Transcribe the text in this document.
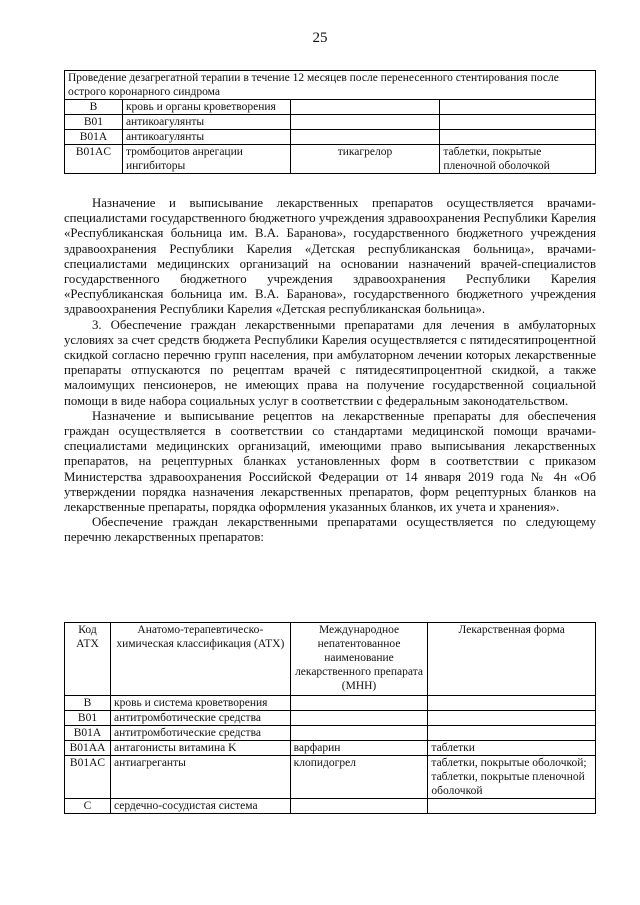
25
Проведение дезагрегатной терапии в течение 12 месяцев после перенесенного стентирования после острого коронарного синдрома			
B	кровь и органы кроветворения		
B01	антикоагулянты		
B01A	антикоагулянты		
B01AC	тромбоцитов анрегации ингибиторы	тикагрелор	таблетки, покрытые пленочной оболочкой

Назначение и выписывание лекарственных препаратов осуществляется врачами-специалистами государственного бюджетного учреждения здравоохранения Республики Карелия «Республиканская больница им. В.А. Баранова», государственного бюджетного учреждения здравоохранения Республики Карелия «Детская республиканская больница», врачами-специалистами медицинских организаций на основании назначений врачей-специалистов государственного бюджетного учреждения здравоохранения Республики Карелия «Республиканская больница им. В.А. Баранова», государственного бюджетного учреждения здравоохранения Республики Карелия «Детская республиканская больница».

3. Обеспечение граждан лекарственными препаратами для лечения в амбулаторных условиях за счет средств бюджета Республики Карелия осуществляется с пятидесятипроцентной скидкой согласно перечню групп населения, при амбулаторном лечении которых лекарственные препараты отпускаются по рецептам врачей с пятидесятипроцентной скидкой, а также малоимущих пенсионеров, не имеющих права на получение государственной социальной помощи в виде набора социальных услуг в соответствии с федеральным законодательством.

Назначение и выписывание рецептов на лекарственные препараты для обеспечения граждан осуществляется в соответствии со стандартами медицинской помощи врачами-специалистами медицинских организаций, имеющими право выписывания лекарственных препаратов, на рецептурных бланках установленных форм в соответствии с приказом Министерства здравоохранения Российской Федерации от 14 января 2019 года № 4н «Об утверждении порядка назначения лекарственных препаратов, форм рецептурных бланков на лекарственные препараты, порядка оформления указанных бланков, их учета и хранения».

Обеспечение граждан лекарственными препаратами осуществляется по следующему перечню лекарственных препаратов:

Код АТХ	Анатомо-терапевтическо-химическая классификация (АТХ)	Международное непатентованное наименование лекарственного препарата (МНН)	Лекарственная форма
B	кровь и система кроветворения		
B01	антитромботические средства		
B01A	антитромботические средства		
B01AA	антагонисты витамина K	варфарин	таблетки
B01AC	антиагреганты	клопидогрел	таблетки, покрытые оболочкой; таблетки, покрытые пленочной оболочкой
C	сердечно-сосудистая система		
